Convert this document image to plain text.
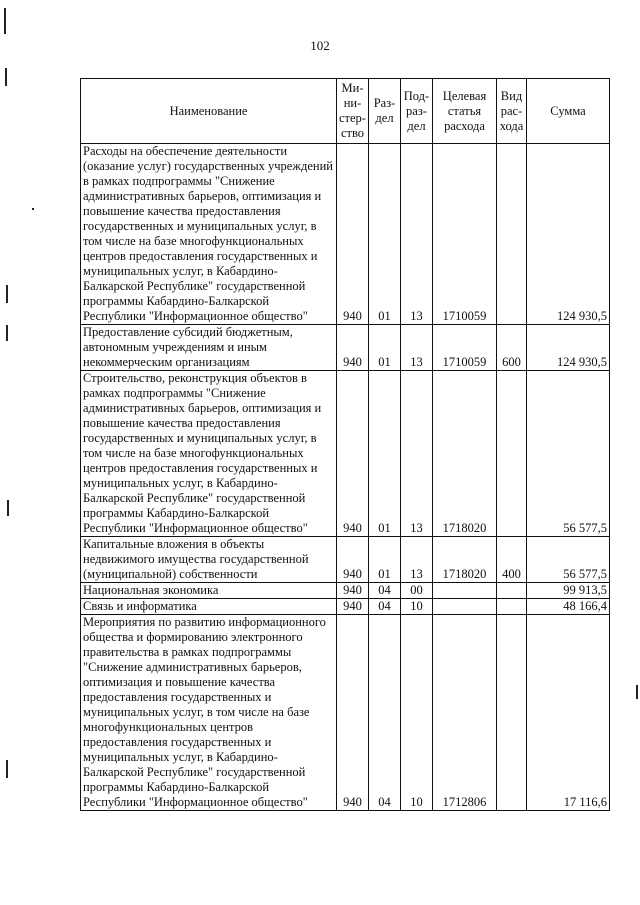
102
Наименование	Ми-
ни-
стер-
ство	Раз-
дел	Под-
раз-
дел	Целевая
статья
расхода	Вид
рас-
хода	Сумма
Расходы на обеспечение деятельности (оказание услуг) государственных учреждений в рамках подпрограммы "Снижение административных барьеров, оптимизация и повышение качества предоставления государственных и муниципальных услуг, в том числе на базе многофункциональных центров предоставления государственных и муниципальных услуг, в Кабардино-Балкарской Республике" государственной программы Кабардино-Балкарской Республики "Информационное общество"	940	01	13	1710059		124 930,5
Предоставление субсидий бюджетным, автономным учреждениям и иным некоммерческим организациям	940	01	13	1710059	600	124 930,5
Строительство, реконструкция объектов в рамках подпрограммы "Снижение административных барьеров, оптимизация и повышение качества предоставления государственных и муниципальных услуг, в том числе на базе многофункциональных центров предоставления государственных и муниципальных услуг, в Кабардино-Балкарской Республике" государственной программы Кабардино-Балкарской Республики "Информационное общество"	940	01	13	1718020		56 577,5
Капитальные вложения в объекты недвижимого имущества государственной (муниципальной) собственности	940	01	13	1718020	400	56 577,5
Национальная экономика	940	04	00			99 913,5
Связь и информатика	940	04	10			48 166,4
Мероприятия по развитию информационного общества и формированию электронного правительства в рамках подпрограммы "Снижение административных барьеров, оптимизация и повышение качества предоставления государственных и муниципальных услуг, в том числе на базе многофункциональных центров предоставления государственных и муниципальных услуг, в Кабардино-Балкарской Республике" государственной программы Кабардино-Балкарской Республики "Информационное общество"	940	04	10	1712806		17 116,6
